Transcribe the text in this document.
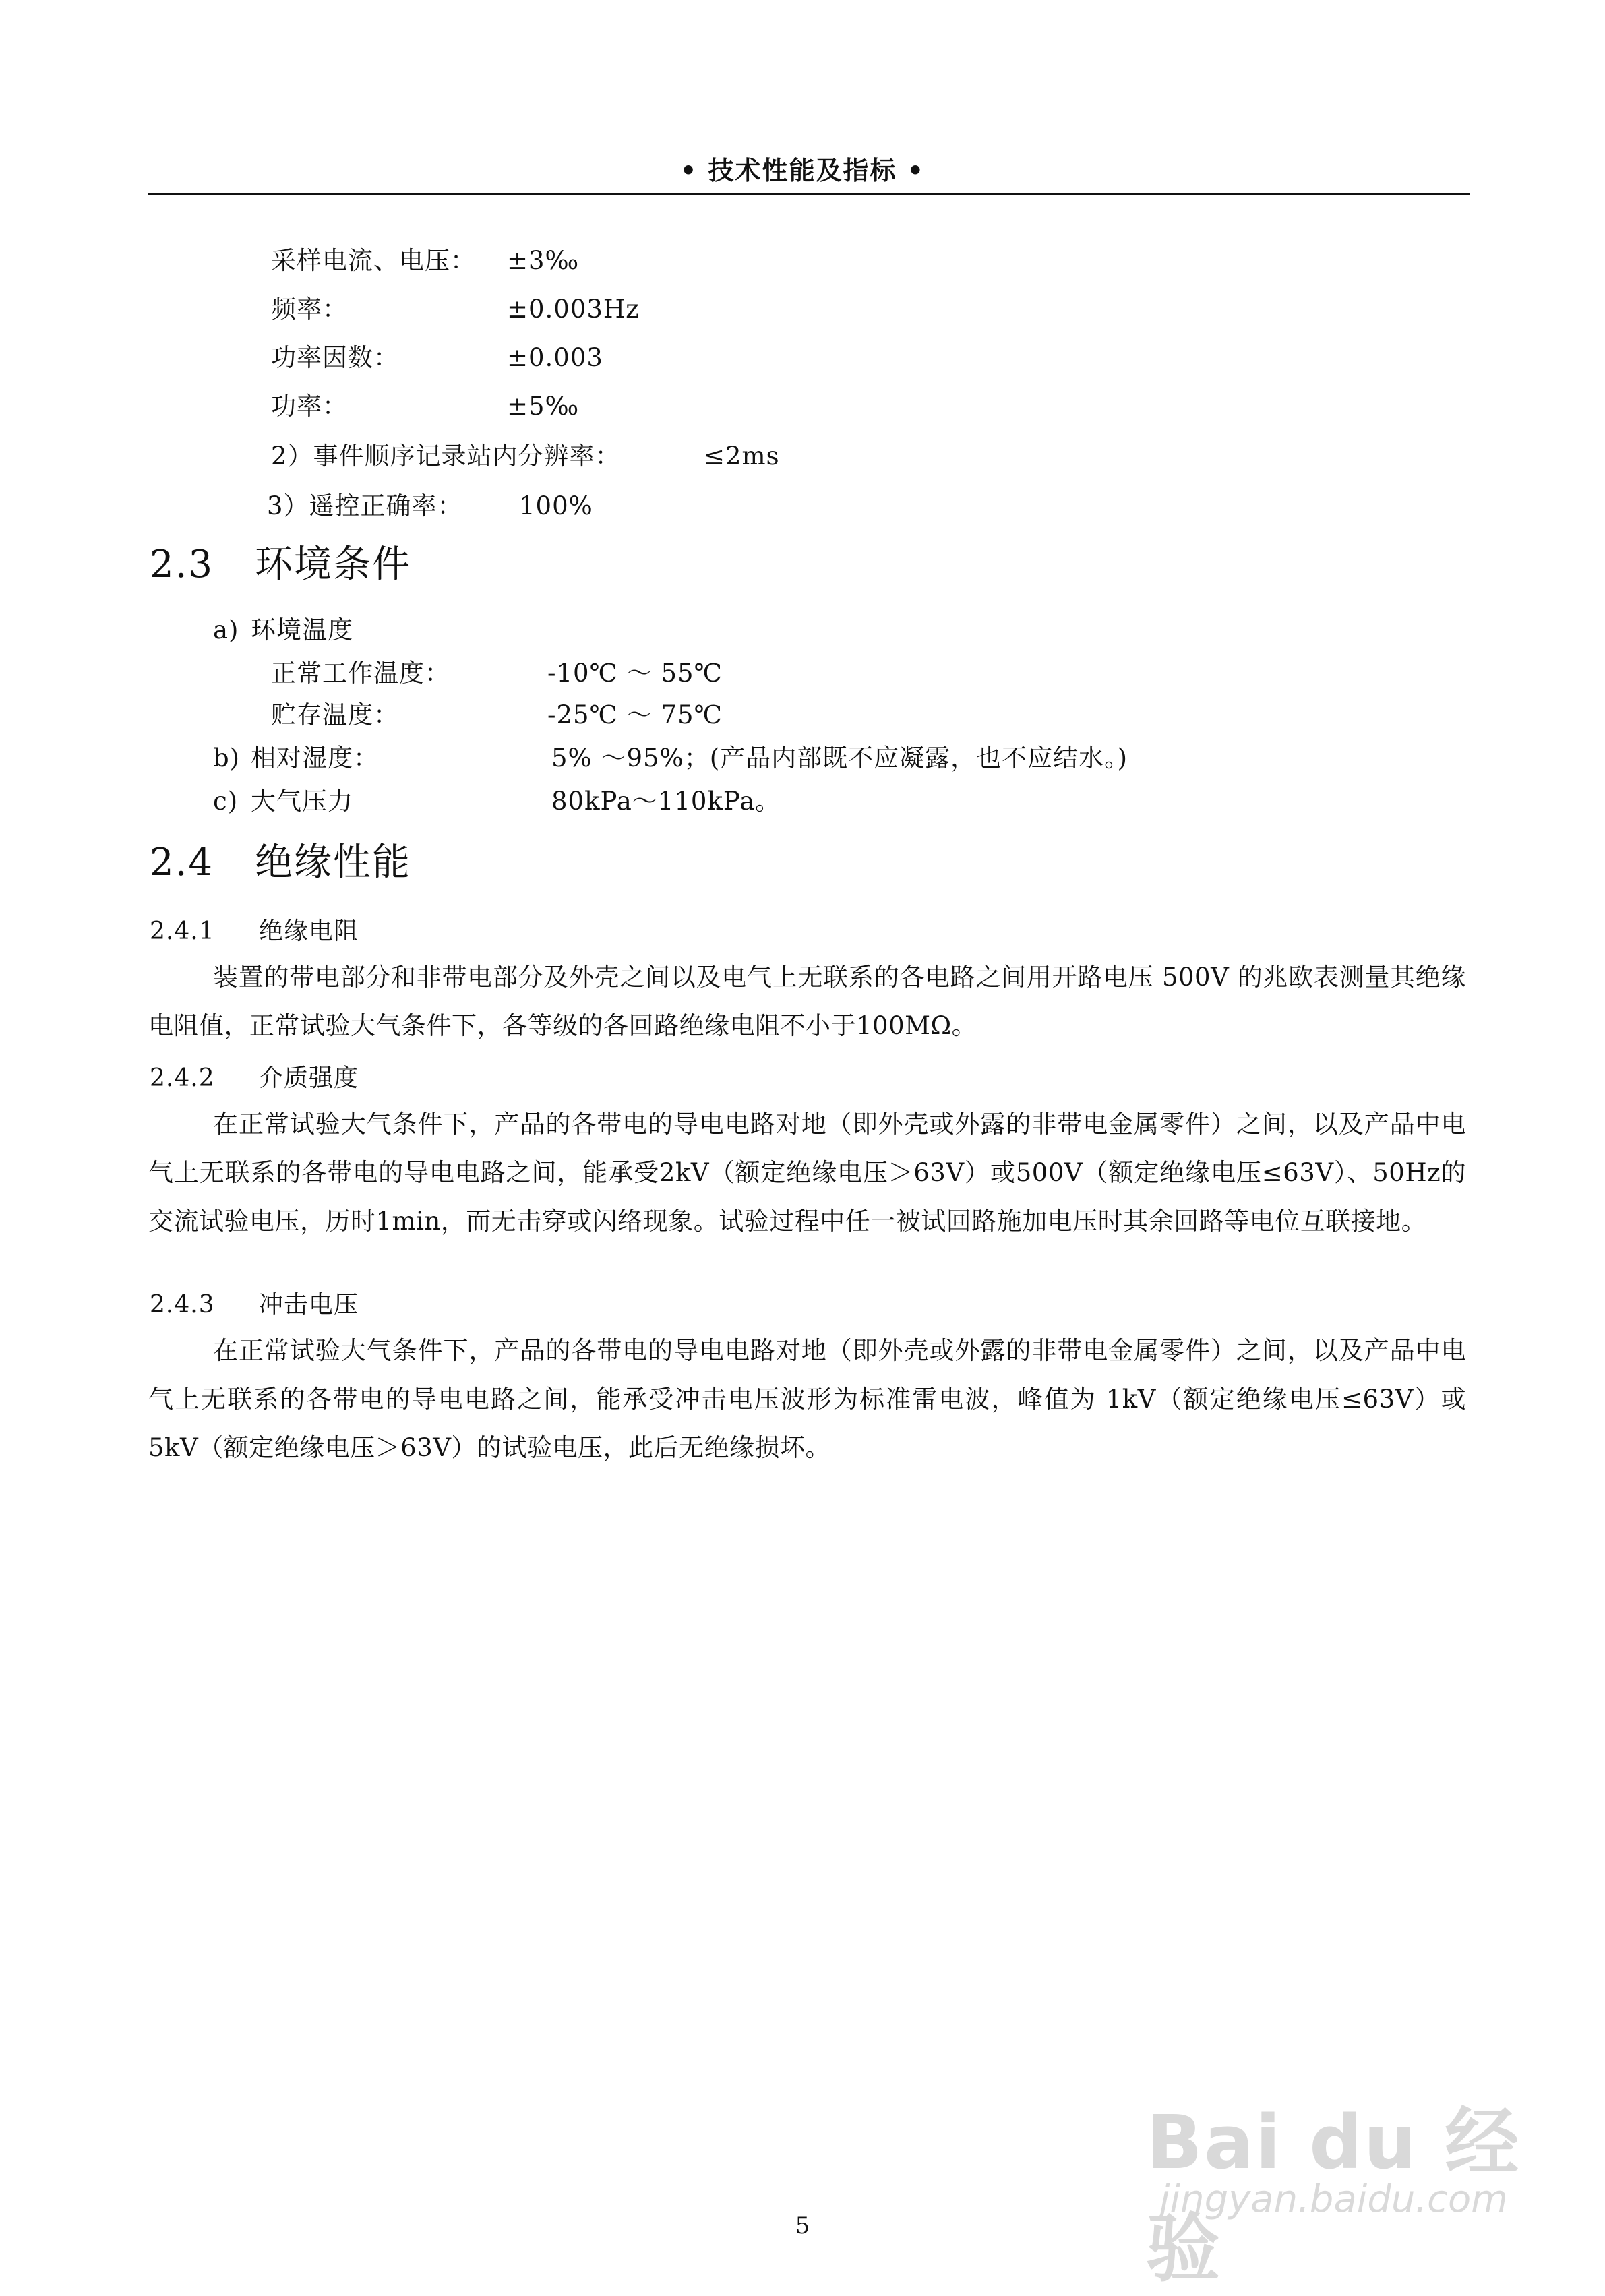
• 技术性能及指标 •
采样电流、电压： ±3‰
频率：	±0.003Hz
功率因数：	±0.003
功率：	±5‰
2）事件顺序记录站内分辨率：	≤2ms
3）遥控正确率： 100%
2.3 环境条件
a) 环境温度
正常工作温度：	-10℃ ～ 55℃
贮存温度：	-25℃ ～ 75℃
b) 相对湿度：	5% ～95%；(产品内部既不应凝露，也不应结水。)
c) 大气压力	80kPa～110kPa。
2.4 绝缘性能
2.4.1 绝缘电阻
装置的带电部分和非带电部分及外壳之间以及电气上无联系的各电路之间用开路电压 500V 的兆欧表测量其绝缘电阻值，正常试验大气条件下，各等级的各回路绝缘电阻不小于100MΩ。
2.4.2 介质强度
在正常试验大气条件下，产品的各带电的导电电路对地（即外壳或外露的非带电金属零件）之间，以及产品中电气上无联系的各带电的导电电路之间，能承受2kV（额定绝缘电压＞63V）或500V（额定绝缘电压≤63V）、50Hz的交流试验电压，历时1min，而无击穿或闪络现象。试验过程中任一被试回路施加电压时其余回路等电位互联接地。
2.4.3 冲击电压
在正常试验大气条件下，产品的各带电的导电电路对地（即外壳或外露的非带电金属零件）之间，以及产品中电气上无联系的各带电的导电电路之间，能承受冲击电压波形为标准雷电波，峰值为 1kV（额定绝缘电压≤63V）或 5kV（额定绝缘电压＞63V）的试验电压，此后无绝缘损坏。
5
Bai du 经验
jingyan.baidu.com
